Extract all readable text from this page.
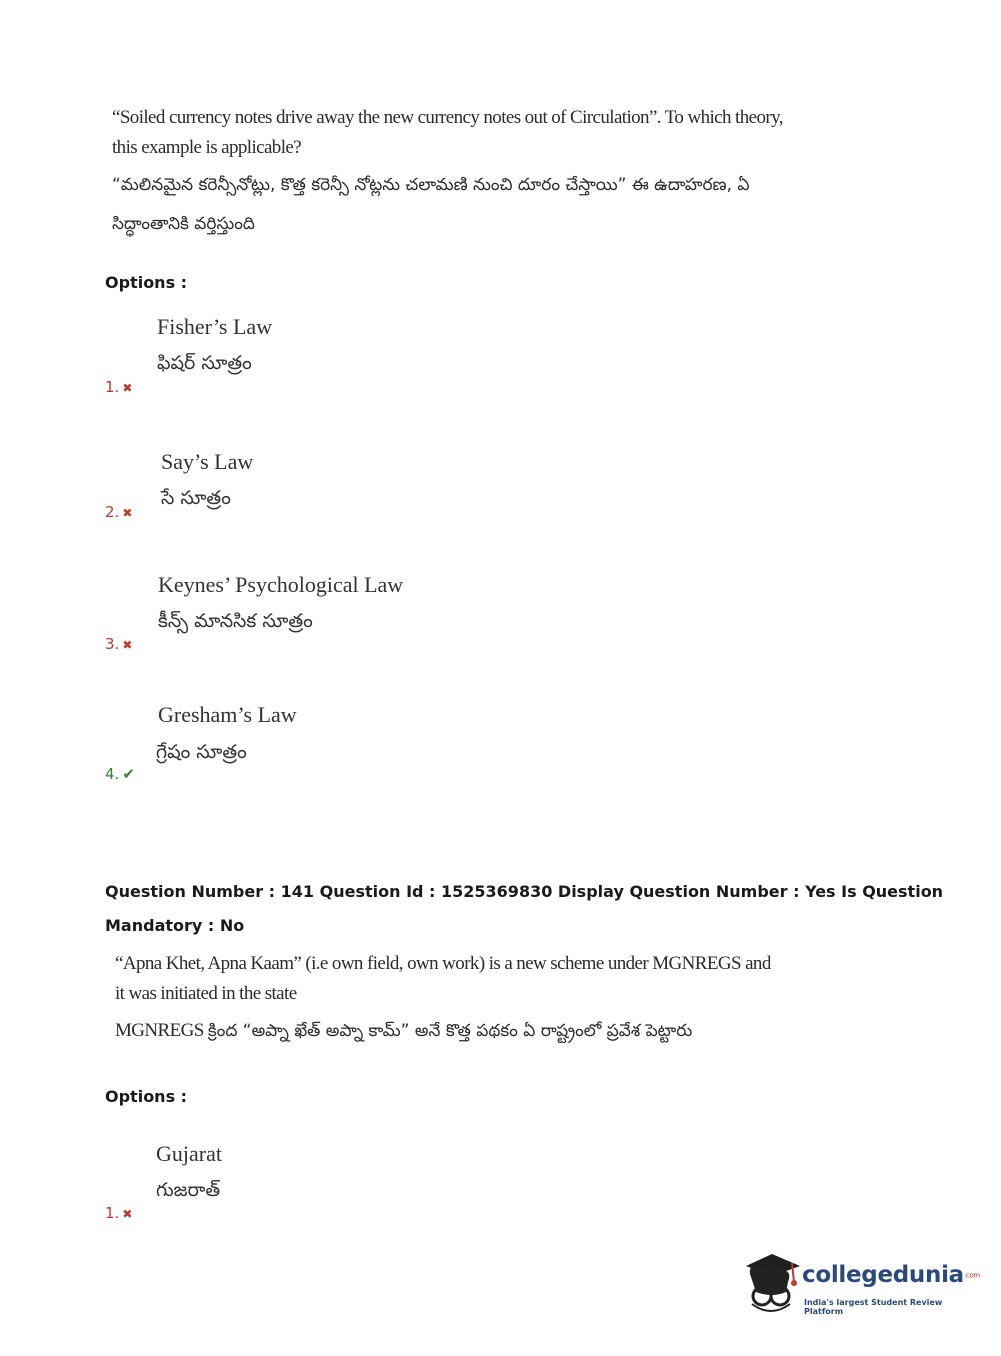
“Soiled currency notes drive away the new currency notes out of Circulation”. To which theory,
this example is applicable?
“మలినమైన కరెన్సీనోట్లు, కొత్త కరెన్సీ నోట్లను చలామణి నుంచి దూరం చేస్తాయి” ఈ ఉదాహరణ, ఏ
సిద్ధాంతానికి వర్తిస్తుంది
Options :
Fisher’s Law
ఫిషర్ సూత్రం
1. ✖
Say’s Law
సే సూత్రం
2. ✖
Keynes’ Psychological Law
కీన్స్ మానసిక సూత్రం
3. ✖
Gresham’s Law
గ్రేషం సూత్రం
4. ✔
Question Number : 141 Question Id : 1525369830 Display Question Number : Yes Is Question
Mandatory : No
“Apna Khet, Apna Kaam” (i.e own field, own work) is a new scheme under MGNREGS and
it was initiated in the state
MGNREGS క్రింద “అప్నా ఖేత్ అప్నా కామ్” అనే కొత్త పథకం ఏ రాష్ట్రంలో ప్రవేశ పెట్టారు
Options :
Gujarat
గుజరాత్
1. ✖
collegedunia.com
India's largest Student Review Platform
